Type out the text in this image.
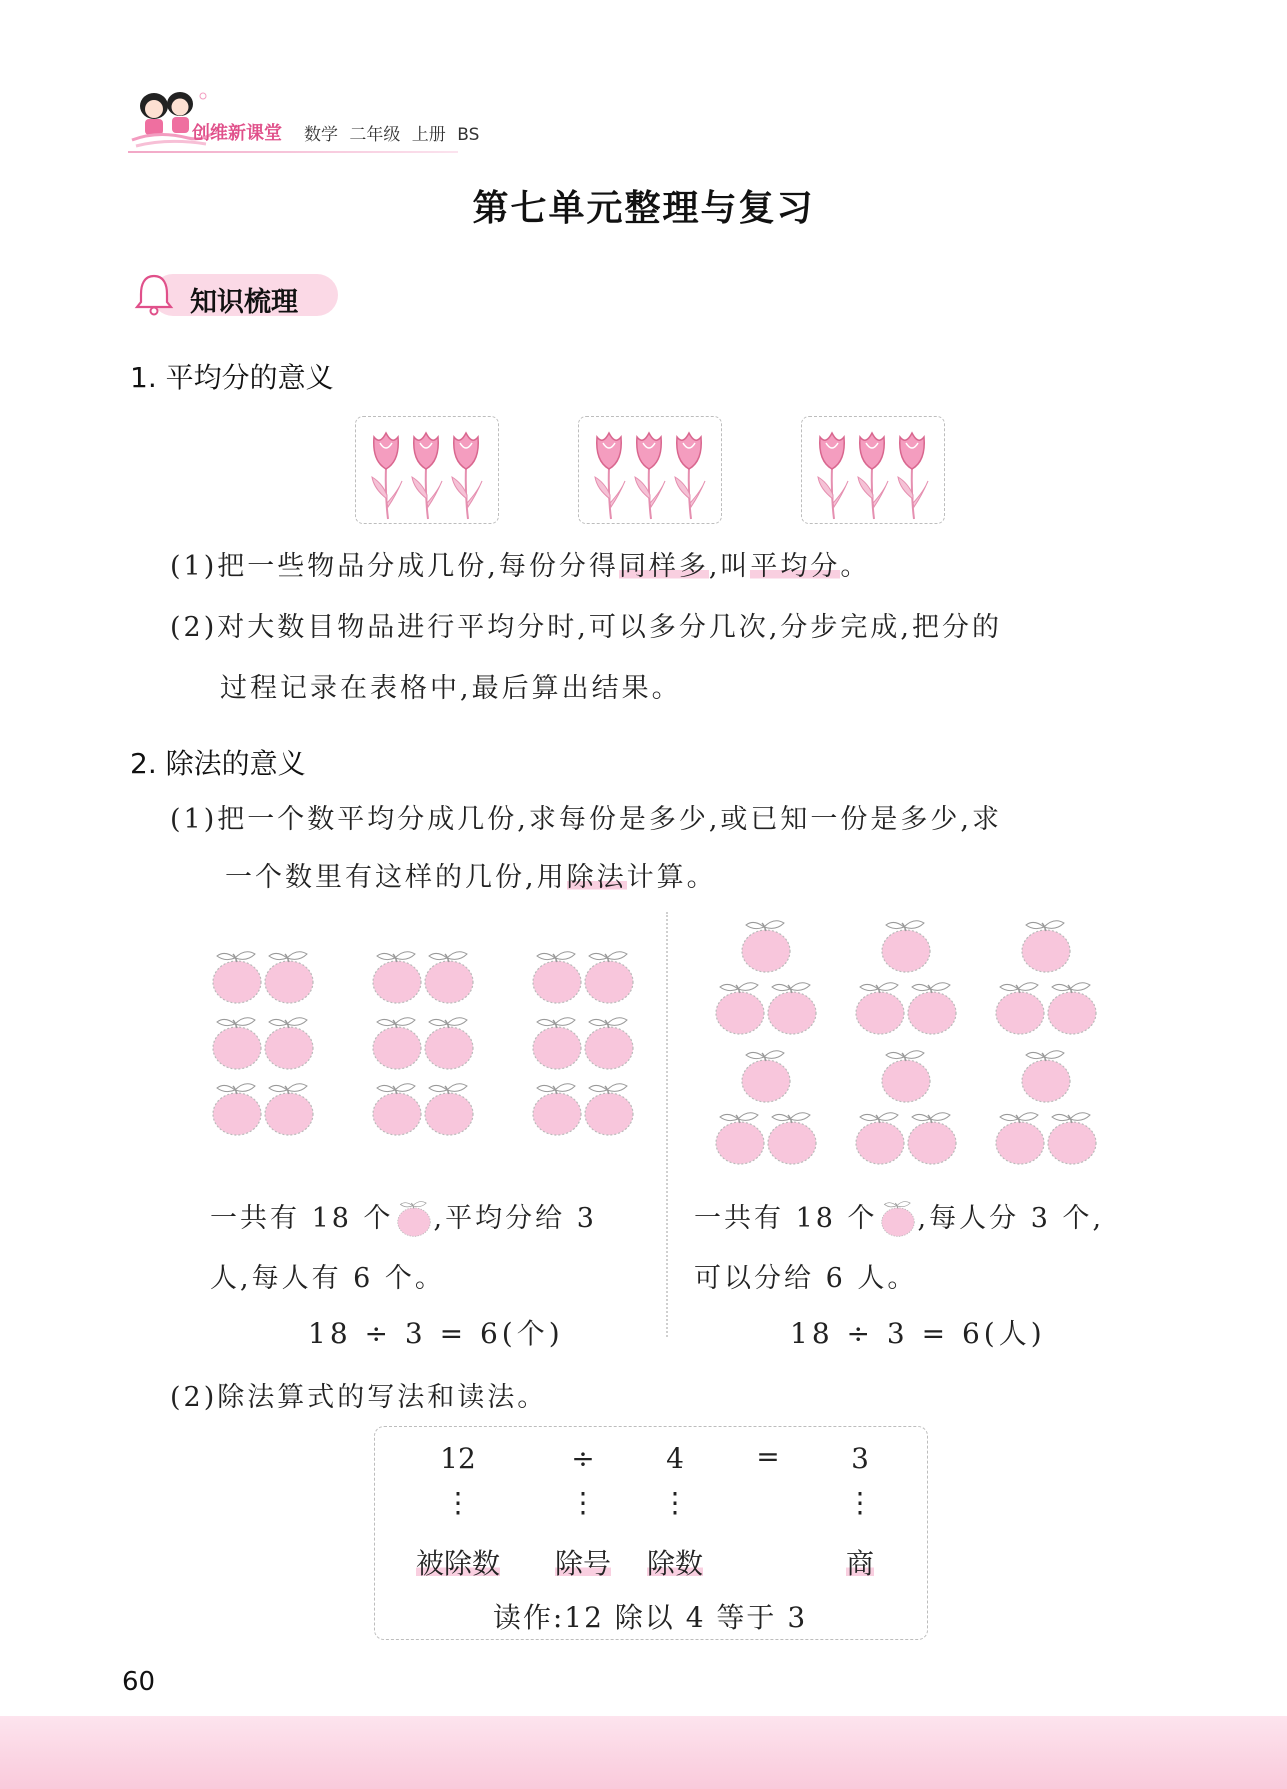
创维新课堂 数学 二年级 上册 BS
第七单元整理与复习
知识梳理
1. 平均分的意义
(1)把一些物品分成几份,每份分得同样多,叫平均分。
(2)对大数目物品进行平均分时,可以多分几次,分步完成,把分的
过程记录在表格中,最后算出结果。
2. 除法的意义
(1)把一个数平均分成几份,求每份是多少,或已知一份是多少,求
一个数里有这样的几份,用除法计算。
一共有 18 个 ,平均分给 3
人,每人有 6 个。
18 ÷ 3 = 6(个)
一共有 18 个 ,每人分 3 个,
可以分给 6 人。
18 ÷ 3 = 6(人)
(2)除法算式的写法和读法。
12	÷	4	=	3
⋮	⋮ ⋮	⋮
被除数	除号	除数	商
读作:12 除以 4 等于 3
60
